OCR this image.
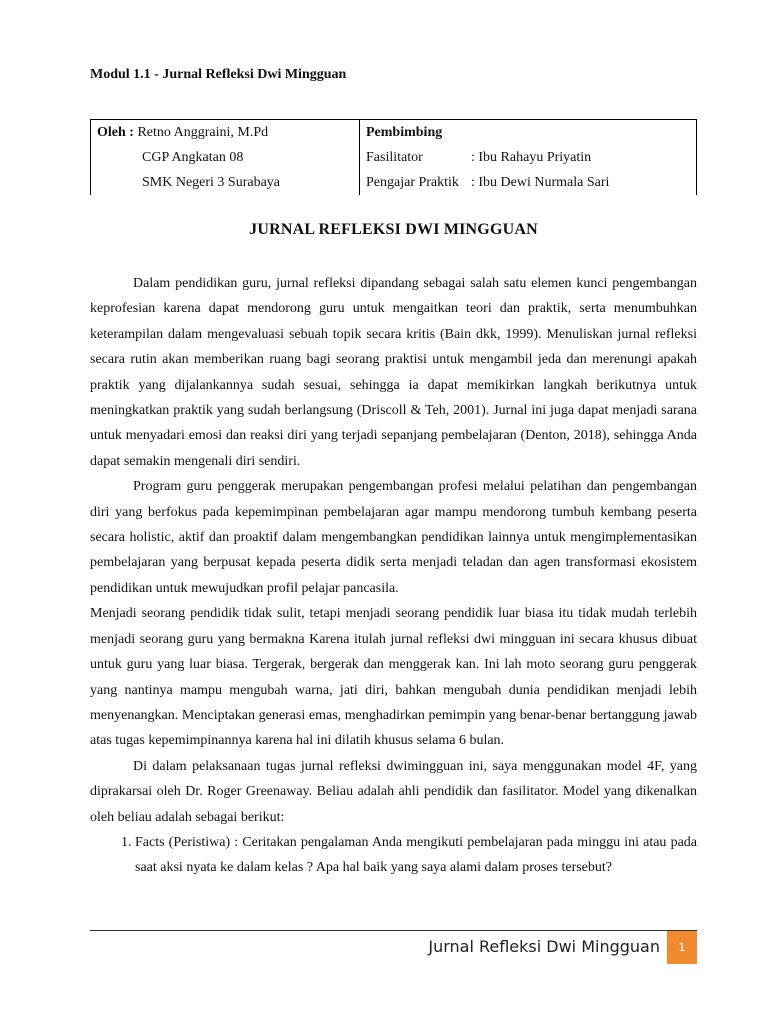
Modul 1.1 - Jurnal Refleksi Dwi Mingguan
Oleh : Retno Anggraini, M.Pd
CGP Angkatan 08
SMK Negeri 3 Surabaya

Pembimbing
Fasilitator	: Ibu Rahayu Priyatin
Pengajar Praktik : Ibu Dewi Nurmala Sari
JURNAL REFLEKSI DWI MINGGUAN

Dalam pendidikan guru, jurnal refleksi dipandang sebagai salah satu elemen kunci pengembangan keprofesian karena dapat mendorong guru untuk mengaitkan teori dan praktik, serta menumbuhkan keterampilan dalam mengevaluasi sebuah topik secara kritis (Bain dkk, 1999). Menuliskan jurnal refleksi secara rutin akan memberikan ruang bagi seorang praktisi untuk mengambil jeda dan merenungi apakah praktik yang dijalankannya sudah sesuai, sehingga ia dapat memikirkan langkah berikutnya untuk meningkatkan praktik yang sudah berlangsung (Driscoll & Teh, 2001). Jurnal ini juga dapat menjadi sarana untuk menyadari emosi dan reaksi diri yang terjadi sepanjang pembelajaran (Denton, 2018), sehingga Anda dapat semakin mengenali diri sendiri.

Program guru penggerak merupakan pengembangan profesi melalui pelatihan dan pengembangan diri yang berfokus pada kepemimpinan pembelajaran agar mampu mendorong tumbuh kembang peserta secara holistic, aktif dan proaktif dalam mengembangkan pendidikan lainnya untuk mengimplementasikan pembelajaran yang berpusat kepada peserta didik serta menjadi teladan dan agen transformasi ekosistem pendidikan untuk mewujudkan profil pelajar pancasila.

Menjadi seorang pendidik tidak sulit, tetapi menjadi seorang pendidik luar biasa itu tidak mudah terlebih menjadi seorang guru yang bermakna Karena itulah jurnal refleksi dwi mingguan ini secara khusus dibuat untuk guru yang luar biasa. Tergerak, bergerak dan menggerak kan. Ini lah moto seorang guru penggerak yang nantinya mampu mengubah warna, jati diri, bahkan mengubah dunia pendidikan menjadi lebih menyenangkan. Menciptakan generasi emas, menghadirkan pemimpin yang benar-benar bertanggung jawab atas tugas kepemimpinannya karena hal ini dilatih khusus selama 6 bulan.

Di dalam pelaksanaan tugas jurnal refleksi dwimingguan ini, saya menggunakan model 4F, yang diprakarsai oleh Dr. Roger Greenaway. Beliau adalah ahli pendidik dan fasilitator. Model yang dikenalkan oleh beliau adalah sebagai berikut:

1. Facts (Peristiwa) : Ceritakan pengalaman Anda mengikuti pembelajaran pada minggu ini atau pada saat aksi nyata ke dalam kelas ? Apa hal baik yang saya alami dalam proses tersebut?
Jurnal Refleksi Dwi Mingguan	1
